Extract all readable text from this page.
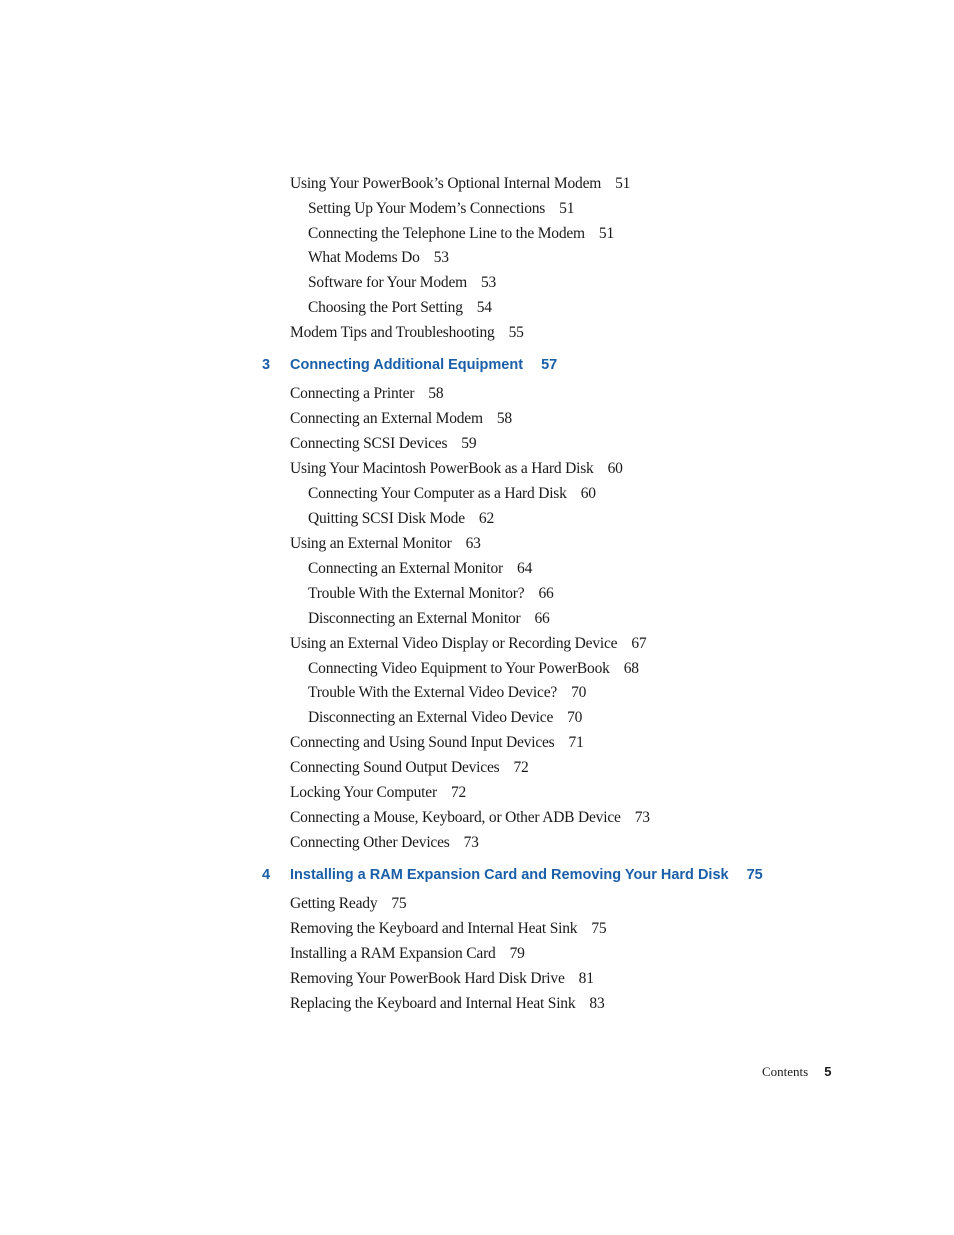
Using Your PowerBook’s Optional Internal Modem 51
Setting Up Your Modem’s Connections 51
Connecting the Telephone Line to the Modem 51
What Modems Do 53
Software for Your Modem 53
Choosing the Port Setting 54
Modem Tips and Troubleshooting 55
3 Connecting Additional Equipment 57
Connecting a Printer 58
Connecting an External Modem 58
Connecting SCSI Devices 59
Using Your Macintosh PowerBook as a Hard Disk 60
Connecting Your Computer as a Hard Disk 60
Quitting SCSI Disk Mode 62
Using an External Monitor 63
Connecting an External Monitor 64
Trouble With the External Monitor? 66
Disconnecting an External Monitor 66
Using an External Video Display or Recording Device 67
Connecting Video Equipment to Your PowerBook 68
Trouble With the External Video Device? 70
Disconnecting an External Video Device 70
Connecting and Using Sound Input Devices 71
Connecting Sound Output Devices 72
Locking Your Computer 72
Connecting a Mouse, Keyboard, or Other ADB Device 73
Connecting Other Devices 73
4 Installing a RAM Expansion Card and Removing Your Hard Disk 75
Getting Ready 75
Removing the Keyboard and Internal Heat Sink 75
Installing a RAM Expansion Card 79
Removing Your PowerBook Hard Disk Drive 81
Replacing the Keyboard and Internal Heat Sink 83
Contents 5
